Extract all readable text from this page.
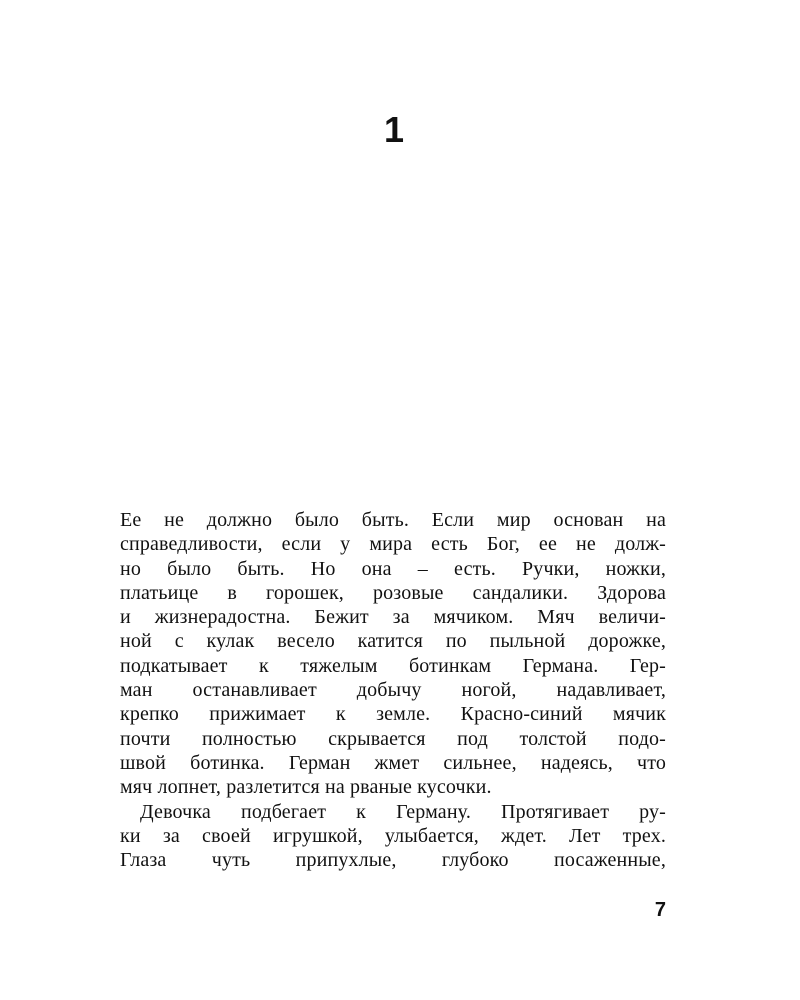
1
Ее не должно было быть. Если мир основан на
справедливости, если у мира есть Бог, ее не долж-
но было быть. Но она – есть. Ручки, ножки,
платьице в горошек, розовые сандалики. Здорова
и жизнерадостна. Бежит за мячиком. Мяч величи-
ной с кулак весело катится по пыльной дорожке,
подкатывает к тяжелым ботинкам Германа. Гер-
ман останавливает добычу ногой, надавливает,
крепко прижимает к земле. Красно-синий мячик
почти полностью скрывается под толстой подо-
швой ботинка. Герман жмет сильнее, надеясь, что
мяч лопнет, разлетится на рваные кусочки.
Девочка подбегает к Герману. Протягивает ру-
ки за своей игрушкой, улыбается, ждет. Лет трех.
Глаза чуть припухлые, глубоко посаженные,
7
